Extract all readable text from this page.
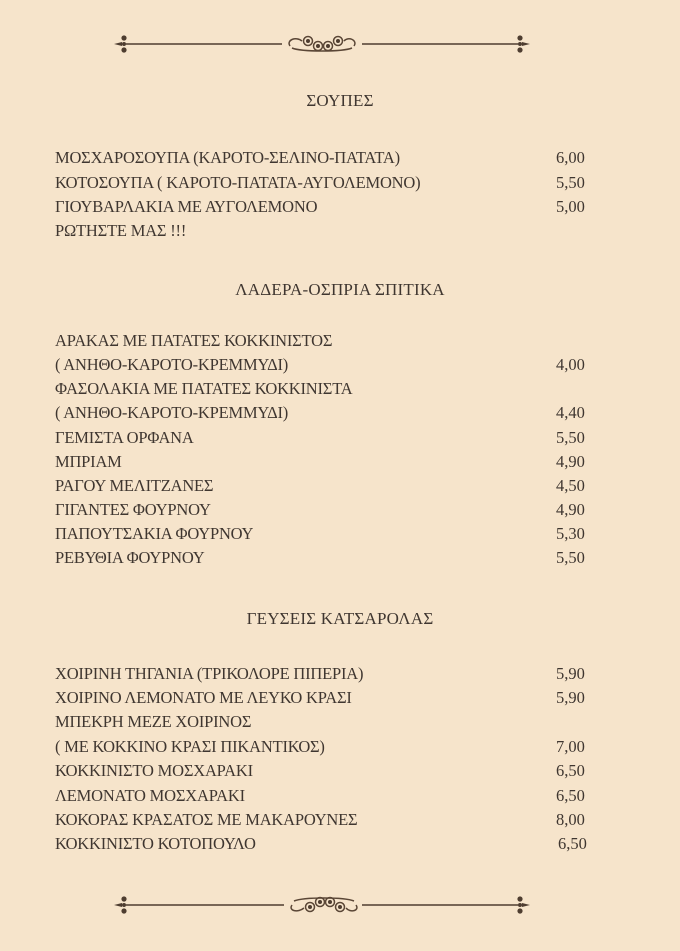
ΣΟΥΠΕΣ
ΜΟΣΧΑΡΟΣΟΥΠΑ (ΚΑΡΟΤΟ-ΣΕΛΙΝΟ-ΠΑΤΑΤΑ)	6,00
ΚΟΤΟΣΟΥΠΑ ( ΚΑΡΟΤΟ-ΠΑΤΑΤΑ-ΑΥΓΟΛΕΜΟΝΟ)	5,50
ΓΙΟΥΒΑΡΛΑΚΙΑ ΜΕ ΑΥΓΟΛΕΜΟΝΟ	5,00
ΡΩΤΗΣΤΕ ΜΑΣ !!!
ΛΑΔΕΡΑ-ΟΣΠΡΙΑ ΣΠΙΤΙΚΑ
ΑΡΑΚΑΣ ΜΕ ΠΑΤΑΤΕΣ ΚΟΚΚΙΝΙΣΤΟΣ
( ΑΝΗΘΟ-ΚΑΡΟΤΟ-ΚΡΕΜΜΥΔΙ)	4,00
ΦΑΣΟΛΑΚΙΑ ΜΕ ΠΑΤΑΤΕΣ ΚΟΚΚΙΝΙΣΤΑ
( ΑΝΗΘΟ-ΚΑΡΟΤΟ-ΚΡΕΜΜΥΔΙ)	4,40
ΓΕΜΙΣΤΑ ΟΡΦΑΝΑ	5,50
ΜΠΡΙΑΜ	4,90
ΡΑΓΟΥ ΜΕΛΙΤΖΑΝΕΣ	4,50
ΓΙΓΑΝΤΕΣ ΦΟΥΡΝΟΥ	4,90
ΠΑΠΟΥΤΣΑΚΙΑ ΦΟΥΡΝΟΥ	5,30
ΡΕΒΥΘΙΑ ΦΟΥΡΝΟΥ	5,50
ΓΕΥΣΕΙΣ ΚΑΤΣΑΡΟΛΑΣ
ΧΟΙΡΙΝΗ ΤΗΓΑΝΙΑ (ΤΡΙΚΟΛΟΡΕ ΠΙΠΕΡΙΑ)	5,90
ΧΟΙΡΙΝΟ ΛΕΜΟΝΑΤΟ ΜΕ ΛΕΥΚΟ ΚΡΑΣΙ	5,90
ΜΠΕΚΡΗ ΜΕΖΕ ΧΟΙΡΙΝΟΣ
( ΜΕ ΚΟΚΚΙΝΟ ΚΡΑΣΙ ΠΙΚΑΝΤΙΚΟΣ)	7,00
ΚΟΚΚΙΝΙΣΤΟ ΜΟΣΧΑΡΑΚΙ	6,50
ΛΕΜΟΝΑΤΟ ΜΟΣΧΑΡΑΚΙ	6,50
ΚΟΚΟΡΑΣ ΚΡΑΣΑΤΟΣ ΜΕ ΜΑΚΑΡΟΥΝΕΣ	8,00
ΚΟΚΚΙΝΙΣΤΟ ΚΟΤΟΠΟΥΛΟ	6,50
